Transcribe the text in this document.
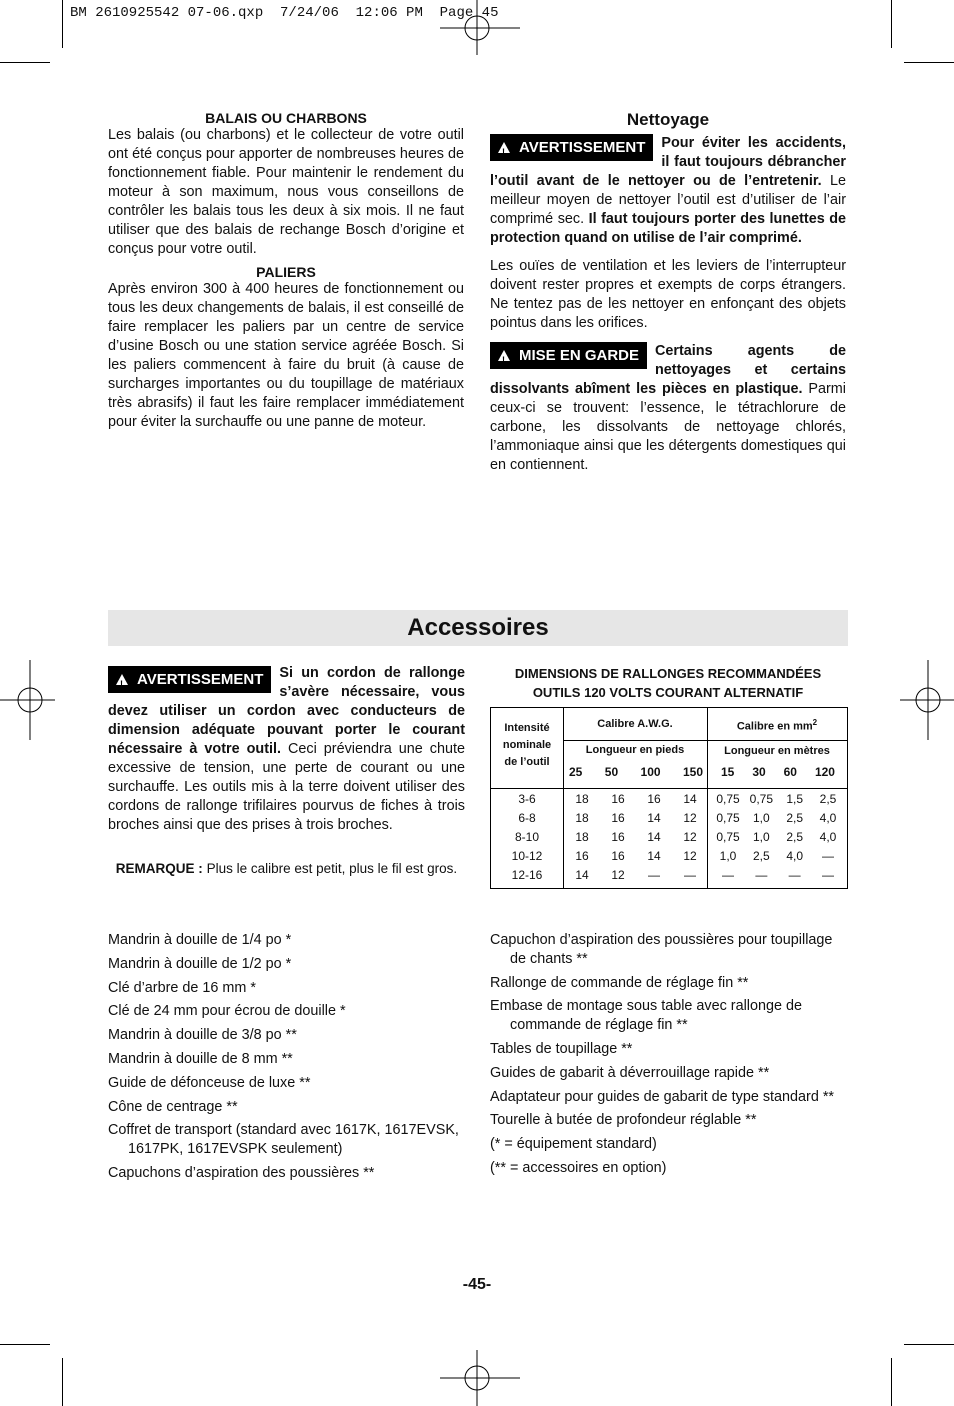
BM 2610925542 07-06.qxp  7/24/06  12:06 PM  Page 45
BALAIS OU CHARBONS
Les balais (ou charbons) et le collecteur de votre outil ont été conçus pour apporter de nombreuses heures de fonctionnement fiable. Pour maintenir le rendement du moteur à son maximum, nous vous conseillons de contrôler les balais tous les deux à six mois. Il ne faut utiliser que des balais de rechange Bosch d’origine et conçus pour votre outil.
PALIERS
Après environ 300 à 400 heures de fonctionnement ou tous les deux changements de balais, il est conseillé de faire remplacer les paliers par un centre de service d’usine Bosch ou une station service agréée Bosch. Si les paliers commencent à faire du bruit (à cause de surcharges importantes ou du toupillage de matériaux très abrasifs) il faut les faire remplacer immédiatement pour éviter la surchauffe ou une panne de moteur.
Nettoyage
!AVERTISSEMENT	Pour éviter les accidents, il faut toujours débrancher l’outil avant de le nettoyer ou de l’entretenir. Le meilleur moyen de nettoyer l’outil est d’utiliser de l’air comprimé sec. Il faut toujours porter des lunettes de protection quand on utilise de l’air comprimé.
Les ouïes de ventilation et les leviers de l’interrupteur doivent rester propres et exempts de corps étrangers. Ne tentez pas de les nettoyer en enfonçant des objets pointus dans les orifices.
!MISE EN GARDE	Certains agents de nettoyages et certains dissolvants abîment les pièces en plastique. Parmi ceux-ci se trouvent: l’essence, le tétrachlorure de carbone, les dissolvants de nettoyage chlorés, l’ammoniaque ainsi que les détergents domestiques qui en contiennent.
Accessoires
!AVERTISSEMENT	Si un cordon de rallonge s’avère nécessaire, vous devez utiliser un cordon avec conducteurs de dimension adéquate pouvant porter le courant nécessaire à votre outil. Ceci préviendra une chute excessive de tension, une perte de courant ou une surchauffe. Les outils mis à la terre doivent utiliser des cordons de rallonge trifilaires pourvus de fiches à trois broches ainsi que des prises à trois broches.
REMARQUE : Plus le calibre est petit, plus le fil est gros.
DIMENSIONS DE RALLONGES RECOMMANDÉES
OUTILS 120 VOLTS COURANT ALTERNATIF
Intensité
nominale
de l’outil
Calibre A.W.G.	Calibre en $mm^2$
Longueur en pieds	Longueur en mètres
25 50 100 150 15 30 60 120
3-6	18	16	16	14	0,75 0,75	1,5	2,5
6-8	18	16	14	12	0,75	1,0	2,5	4,0
8-10	18	16	14	12	0,75	1,0	2,5	4,0
10-12	16	16	14	12	1,0	2,5	4,0	—
12-16	14	12	—	—	—	—	—	—

Mandrin à douille de 1/4 po *

Mandrin à douille de 1/2 po *

Clé d’arbre de 16 mm *

Clé de 24 mm pour écrou de douille *

Mandrin à douille de 3/8 po **

Mandrin à douille de 8 mm **

Guide de défonceuse de luxe **

Cône de centrage **

Coffret de transport (standard avec 1617K, 1617EVSK, 1617PK, 1617EVSPK seulement)

Capuchons d’aspiration des poussières **

Capuchon d’aspiration des poussières pour toupillage de chants **

Rallonge de commande de réglage fin **

Embase de montage sous table avec rallonge de commande de réglage fin **

Tables de toupillage **

Guides de gabarit à déverrouillage rapide **

Adaptateur pour guides de gabarit de type standard **

Tourelle à butée de profondeur réglable **

(* = équipement standard)

(** = accessoires en option)

-45-
